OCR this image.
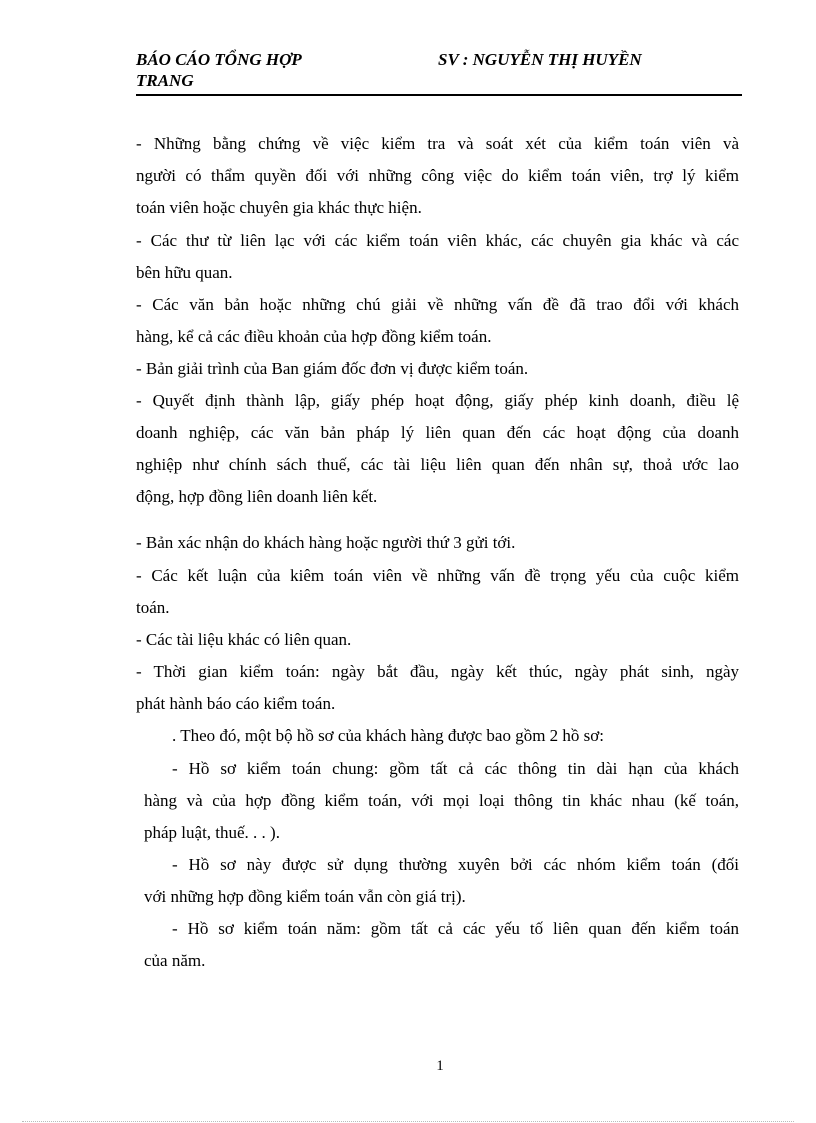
BÁO CÁO TỔNG HỢP
TRANG
SV : NGUYỄN THỊ HUYỀN
- Những bằng chứng về việc kiểm tra và soát xét của kiểm toán viên và
người có thẩm quyền đối với những công việc do kiểm toán viên, trợ lý kiểm
toán viên hoặc chuyên gia khác thực hiện.
- Các thư từ liên lạc với các kiểm toán viên khác, các chuyên gia khác và các
bên hữu quan.
- Các văn bản hoặc những chú giải về những vấn đề đã trao đổi với khách
hàng, kể cả các điều khoản của hợp đồng kiểm toán.
- Bản giải trình của Ban giám đốc đơn vị được kiểm toán.
- Quyết định thành lập, giấy phép hoạt động, giấy phép kinh doanh, điều lệ
doanh nghiệp, các văn bản pháp lý liên quan đến các hoạt động của doanh
nghiệp như chính sách thuế, các tài liệu liên quan đến nhân sự, thoả ước lao
động, hợp đồng liên doanh liên kết.
- Bản xác nhận do khách hàng hoặc người thứ 3 gửi tới.
- Các kết luận của kiêm toán viên về những vấn đề trọng yếu của cuộc kiểm
toán.
- Các tài liệu khác có liên quan.
- Thời gian kiểm toán: ngày bắt đầu, ngày kết thúc, ngày phát sinh, ngày
phát hành báo cáo kiểm toán.
. Theo đó, một bộ hồ sơ của khách hàng được bao gồm 2 hồ sơ:
- Hồ sơ kiểm toán chung: gồm tất cả các thông tin dài hạn của khách
hàng và của hợp đồng kiểm toán, với mọi loại thông tin khác nhau (kế toán,
pháp luật, thuế. . . ).
- Hồ sơ này được sử dụng thường xuyên bởi các nhóm kiểm toán (đối
với những hợp đồng kiểm toán vẫn còn giá trị).
- Hồ sơ kiểm toán năm: gồm tất cả các yếu tố liên quan đến kiểm toán
của năm.
1
